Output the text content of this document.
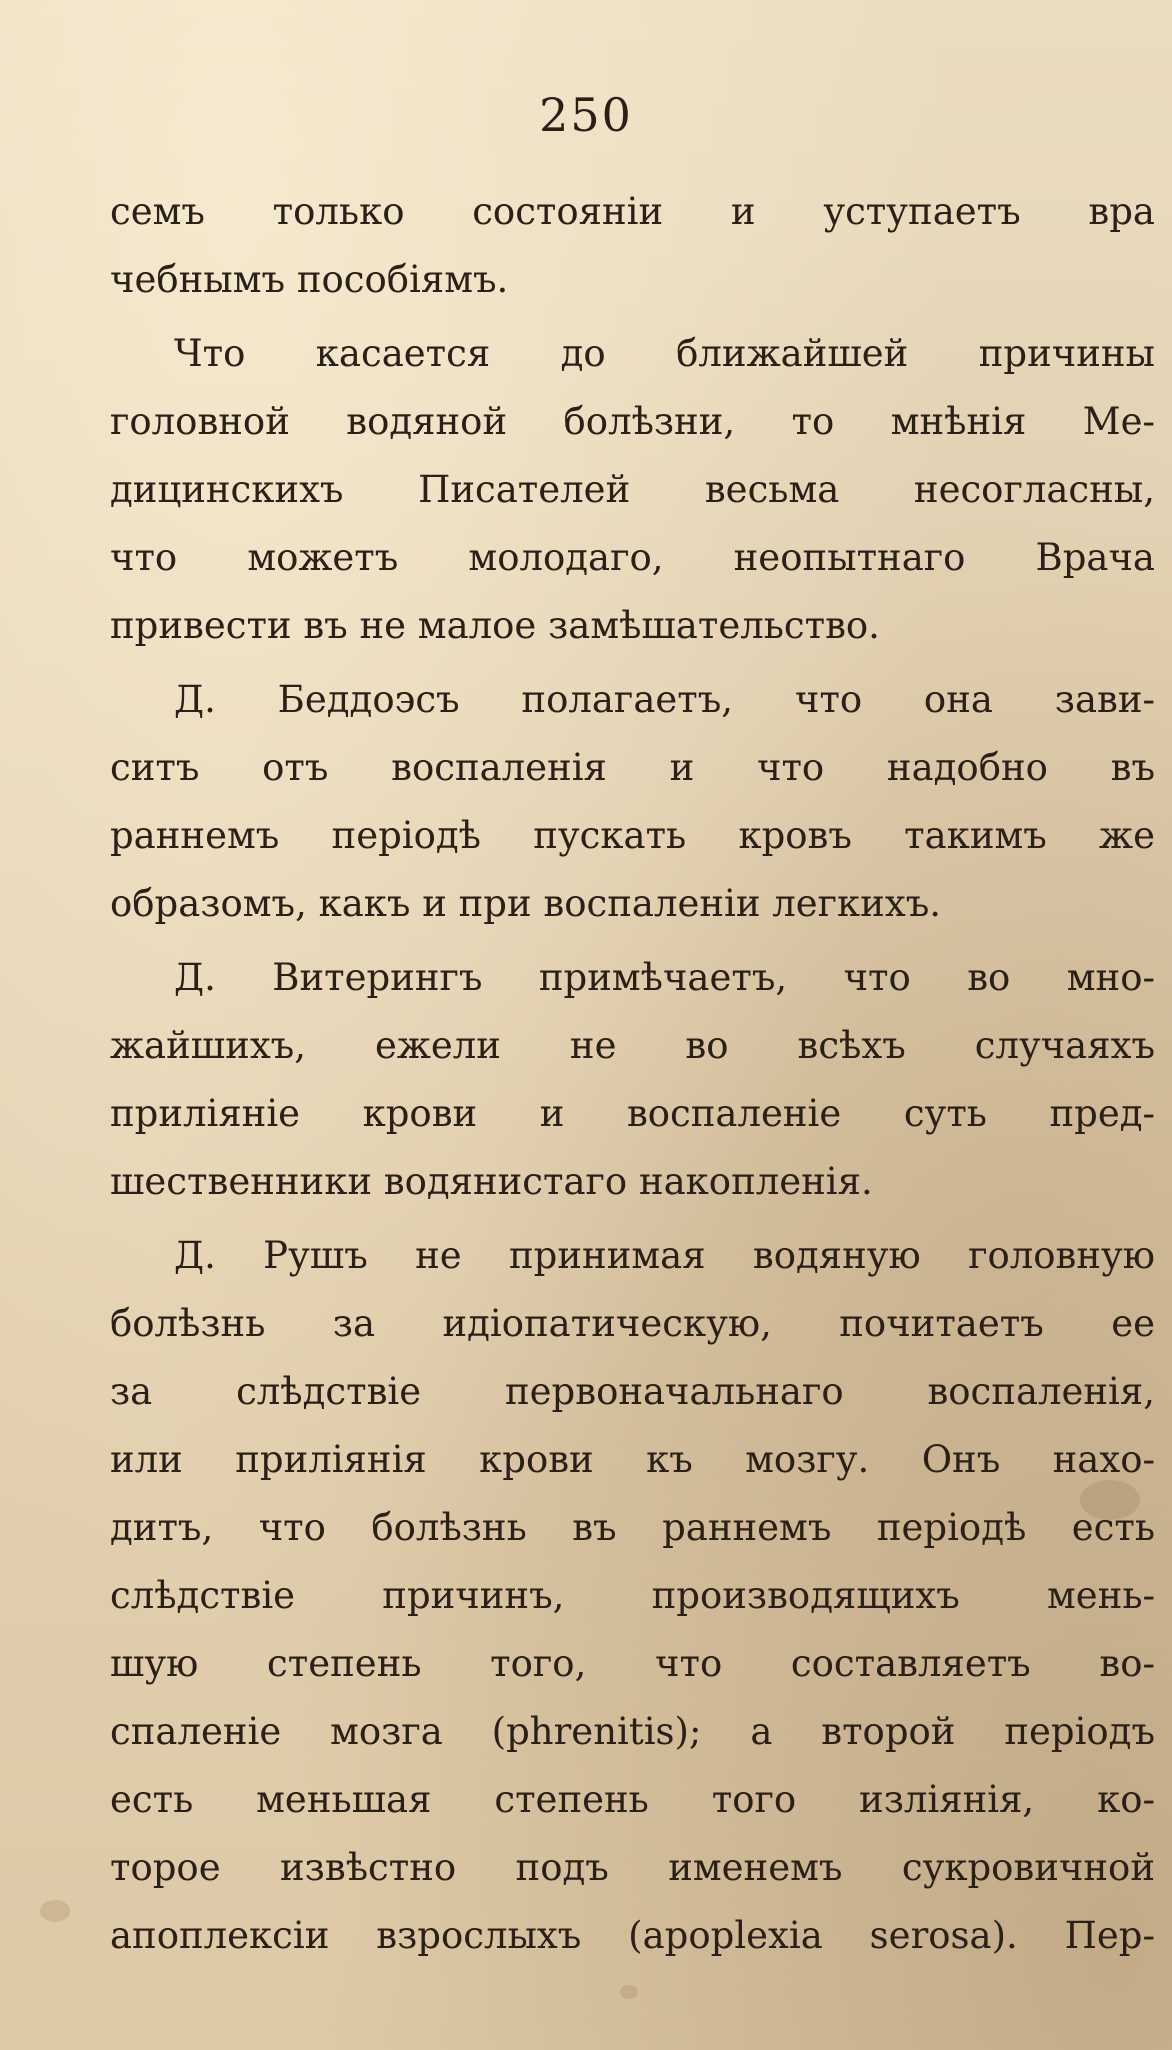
250
семъ только состоянiи и уступаетъ вра
чебнымъ пособiямъ.
Что касается до ближайшей причины
головной водяной болѣзни, то мнѣнiя Ме-
дицинскихъ Писателей весьма несогласны,
что можетъ молодаго, неопытнаго Врача
привести въ не малое замѣшательство.
Д. Беддоэсъ полагаетъ, что она зави-
ситъ отъ воспаленiя и что надобно въ
раннемъ перiодѣ пускать кровъ такимъ же
образомъ, какъ и при воспаленiи легкихъ.
Д. Витерингъ примѣчаетъ, что во мно-
жайшихъ, ежели не во всѣхъ случаяхъ
прилiянiе крови и воспаленiе суть пред-
шественники водянистаго накопленiя.
Д. Рушъ не принимая водяную головную
болѣзнь за идiопатическую, почитаетъ ее
за слѣдствiе первоначальнаго воспаленiя,
или прилiянiя крови къ мозгу. Онъ нахо-
дитъ, что болѣзнь въ раннемъ перiодѣ есть
слѣдствiе причинъ, производящихъ мень-
шую степень того, что составляетъ во-
спаленiе мозга (phrenitis); а второй перiодъ
есть меньшая степень того излiянiя, ко-
торое извѣстно подъ именемъ сукровичной
апоплексiи взрослыхъ (apoplexia serosa). Пер-
